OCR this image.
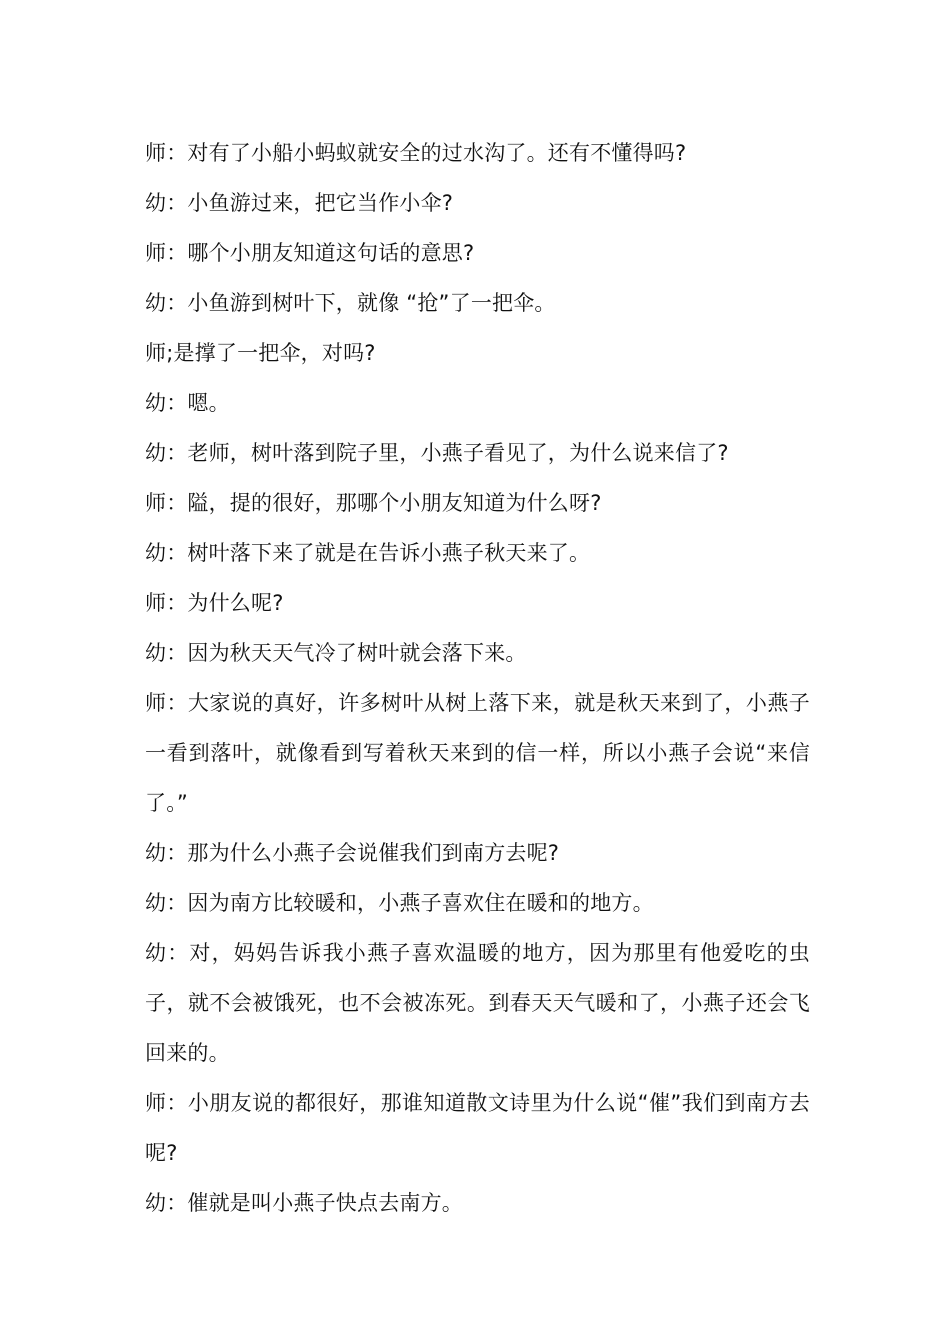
师：对有了小船小蚂蚁就安全的过水沟了。还有不懂得吗?

幼：小鱼游过来，把它当作小伞?

师：哪个小朋友知道这句话的意思?

幼：小鱼游到树叶下，就像 “抢”了一把伞。

师;是撑了一把伞，对吗?

幼：嗯。

幼：老师，树叶落到院子里，小燕子看见了，为什么说来信了?

师：隘，提的很好，那哪个小朋友知道为什么呀?

幼：树叶落下来了就是在告诉小燕子秋天来了。

师：为什么呢?

幼：因为秋天天气冷了树叶就会落下来。

师：大家说的真好，许多树叶从树上落下来，就是秋天来到了，小燕子一看到落叶，就像看到写着秋天来到的信一样，所以小燕子会说“来信了。”

幼：那为什么小燕子会说催我们到南方去呢?

幼：因为南方比较暖和，小燕子喜欢住在暖和的地方。

幼：对，妈妈告诉我小燕子喜欢温暖的地方，因为那里有他爱吃的虫子，就不会被饿死，也不会被冻死。到春天天气暖和了，小燕子还会飞回来的。

师：小朋友说的都很好，那谁知道散文诗里为什么说“催”我们到南方去呢?

幼：催就是叫小燕子快点去南方。
